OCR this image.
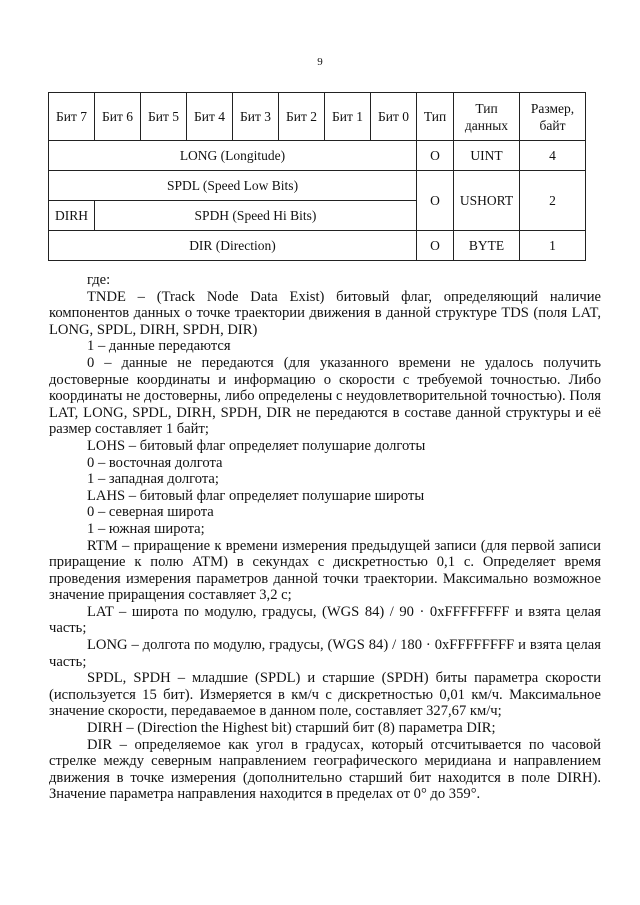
9
Бит 7	Бит 6	Бит 5	Бит 4	Бит 3	Бит 2	Бит 1	Бит 0	Тип	Тип данных	Размер, байт
LONG (Longitude)								O	UINT	4
SPDL (Speed Low Bits)								O	USHORT	2
DIRH	SPDH (Speed Hi Bits)									
DIR (Direction)								O	BYTE	1

где:

TNDE – (Track Node Data Exist) битовый флаг, определяющий наличие компонентов данных о точке траектории движения в данной структуре TDS (поля LAT, LONG, SPDL, DIRH, SPDH, DIR)

1 – данные передаются

0 – данные не передаются (для указанного времени не удалось получить достоверные координаты и информацию о скорости с требуемой точностью. Либо координаты не достоверны, либо определены с неудовлетворительной точностью). Поля LAT, LONG, SPDL, DIRH, SPDH, DIR не передаются в составе данной структуры и её размер составляет 1 байт;

LOHS – битовый флаг определяет полушарие долготы

0 – восточная долгота

1 – западная долгота;

LAHS – битовый флаг определяет полушарие широты

0 – северная широта

1 – южная широта;

RTM – приращение к времени измерения предыдущей записи (для первой записи приращение к полю ATM) в секундах с дискретностью 0,1 с. Определяет время проведения измерения параметров данной точки траектории. Максимально возможное значение приращения составляет 3,2 с;

LAT – широта по модулю, градусы, (WGS 84) / 90 · 0xFFFFFFFF и взята целая часть;

LONG – долгота по модулю, градусы, (WGS 84) / 180 · 0xFFFFFFFF и взята целая часть;

SPDL, SPDH – младшие (SPDL) и старшие (SPDH) биты параметра скорости (используется 15 бит). Измеряется в км/ч с дискретностью 0,01 км/ч. Максимальное значение скорости, передаваемое в данном поле, составляет 327,67 км/ч;

DIRH – (Direction the Highest bit) старший бит (8) параметра DIR;

DIR – определяемое как угол в градусах, который отсчитывается по часовой стрелке между северным направлением географического меридиана и направлением движения в точке измерения (дополнительно старший бит находится в поле DIRH). Значение параметра направления находится в пределах от 0° до 359°.
